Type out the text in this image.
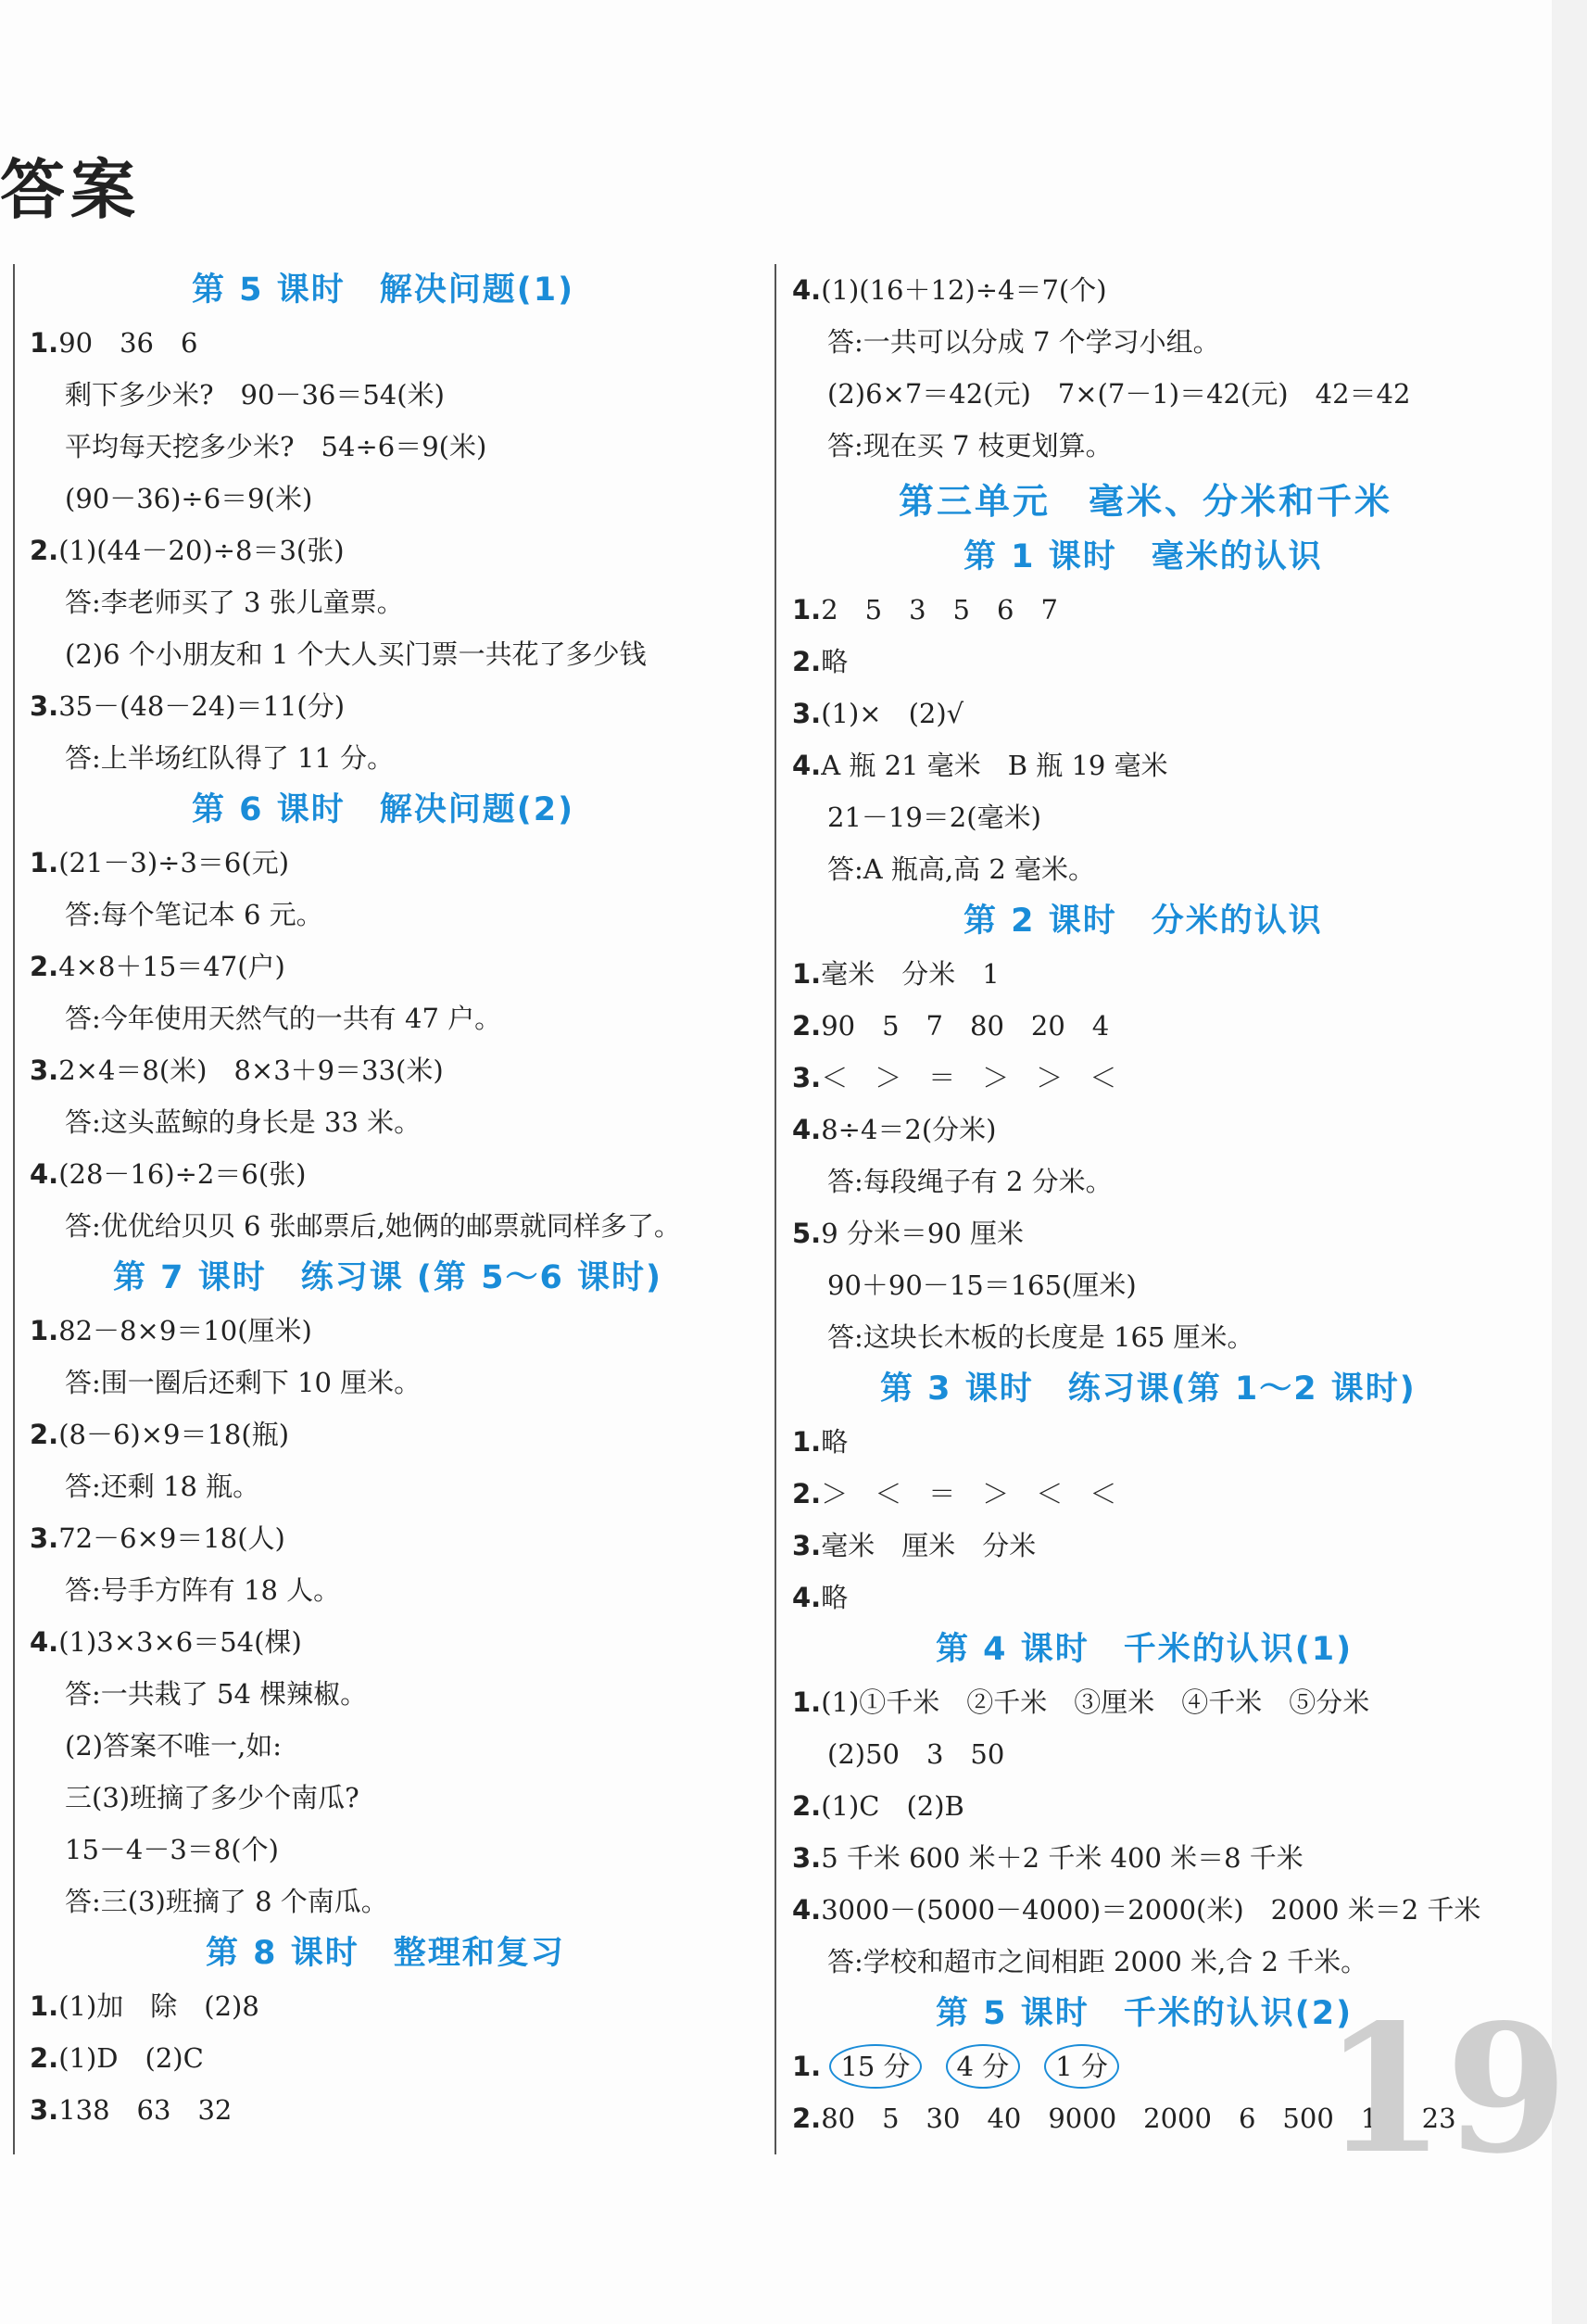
答案
第 5 课时　解决问题(1)
1.90　36　6
剩下多少米?　90－36＝54(米)
平均每天挖多少米?　54÷6＝9(米)
(90－36)÷6＝9(米)
2.(1)(44－20)÷8＝3(张)
答:李老师买了 3 张儿童票。
(2)6 个小朋友和 1 个大人买门票一共花了多少钱
3.35－(48－24)＝11(分)
答:上半场红队得了 11 分。
第 6 课时　解决问题(2)
1.(21－3)÷3＝6(元)
答:每个笔记本 6 元。
2.4×8＋15＝47(户)
答:今年使用天然气的一共有 47 户。
3.2×4＝8(米)　8×3＋9＝33(米)
答:这头蓝鲸的身长是 33 米。
4.(28－16)÷2＝6(张)
答:优优给贝贝 6 张邮票后,她俩的邮票就同样多了。
第 7 课时　练习课 (第 5～6 课时)
1.82－8×9＝10(厘米)
答:围一圈后还剩下 10 厘米。
2.(8－6)×9＝18(瓶)
答:还剩 18 瓶。
3.72－6×9＝18(人)
答:号手方阵有 18 人。
4.(1)3×3×6＝54(棵)
答:一共栽了 54 棵辣椒。
(2)答案不唯一,如:
三(3)班摘了多少个南瓜?
15－4－3＝8(个)
答:三(3)班摘了 8 个南瓜。
第 8 课时　整理和复习
1.(1)加　除　(2)8
2.(1)D　(2)C
3.138　63　32
4.(1)(16＋12)÷4＝7(个)
答:一共可以分成 7 个学习小组。
(2)6×7＝42(元)　7×(7－1)＝42(元)　42＝42
答:现在买 7 枝更划算。
第三单元　毫米、分米和千米
第 1 课时　毫米的认识
1.2　5　3　5　6　7
2.略
3.(1)×　(2)√
4.A 瓶 21 毫米　B 瓶 19 毫米
21－19＝2(毫米)
答:A 瓶高,高 2 毫米。
第 2 课时　分米的认识
1.毫米　分米　1
2.90　5　7　80　20　4
3.＜　＞　＝　＞　＞　＜
4.8÷4＝2(分米)
答:每段绳子有 2 分米。
5.9 分米＝90 厘米
90＋90－15＝165(厘米)
答:这块长木板的长度是 165 厘米。
第 3 课时　练习课(第 1～2 课时)
1.略
2.＞　＜　＝　＞　＜　＜
3.毫米　厘米　分米
4.略
第 4 课时　千米的认识(1)
1.(1)①千米　②千米　③厘米　④千米　⑤分米
(2)50　3　50
2.(1)C　(2)B
3.5 千米 600 米＋2 千米 400 米＝8 千米
4.3000－(5000－4000)＝2000(米)　2000 米＝2 千米
答:学校和超市之间相距 2000 米,合 2 千米。
第 5 课时　千米的认识(2)
1. 15 分 4 分 1 分
2.80　5　30　40　9000　2000　6　500　10　23
19
